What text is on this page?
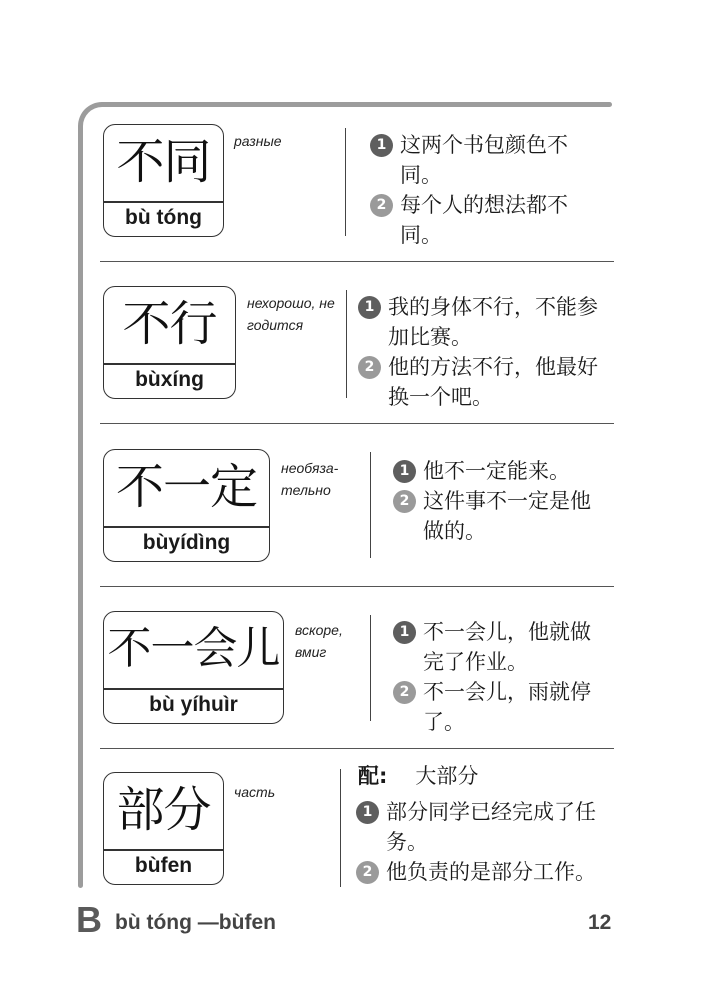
不同
bù tóng
разные	1 这两个书包颜色不同。
2 每个人的想法都不同。
不行
bùxíng
нехорошо, не годится
1 我的身体不行，不能参加比赛。
2 他的方法不行，他最好换一个吧。
不一定
bùyídìng
необяза-тельно
1 他不一定能来。
2 这件事不一定是他做的。
不一会儿
bù yíhuìr
вскоре, вмиг
1 不一会儿，他就做完了作业。
2 不一会儿，雨就停了。
部分
bùfen
часть
配: 大部分
1 部分同学已经完成了任务。
2 他负责的是部分工作。
B bù tóng —bùfen	12
